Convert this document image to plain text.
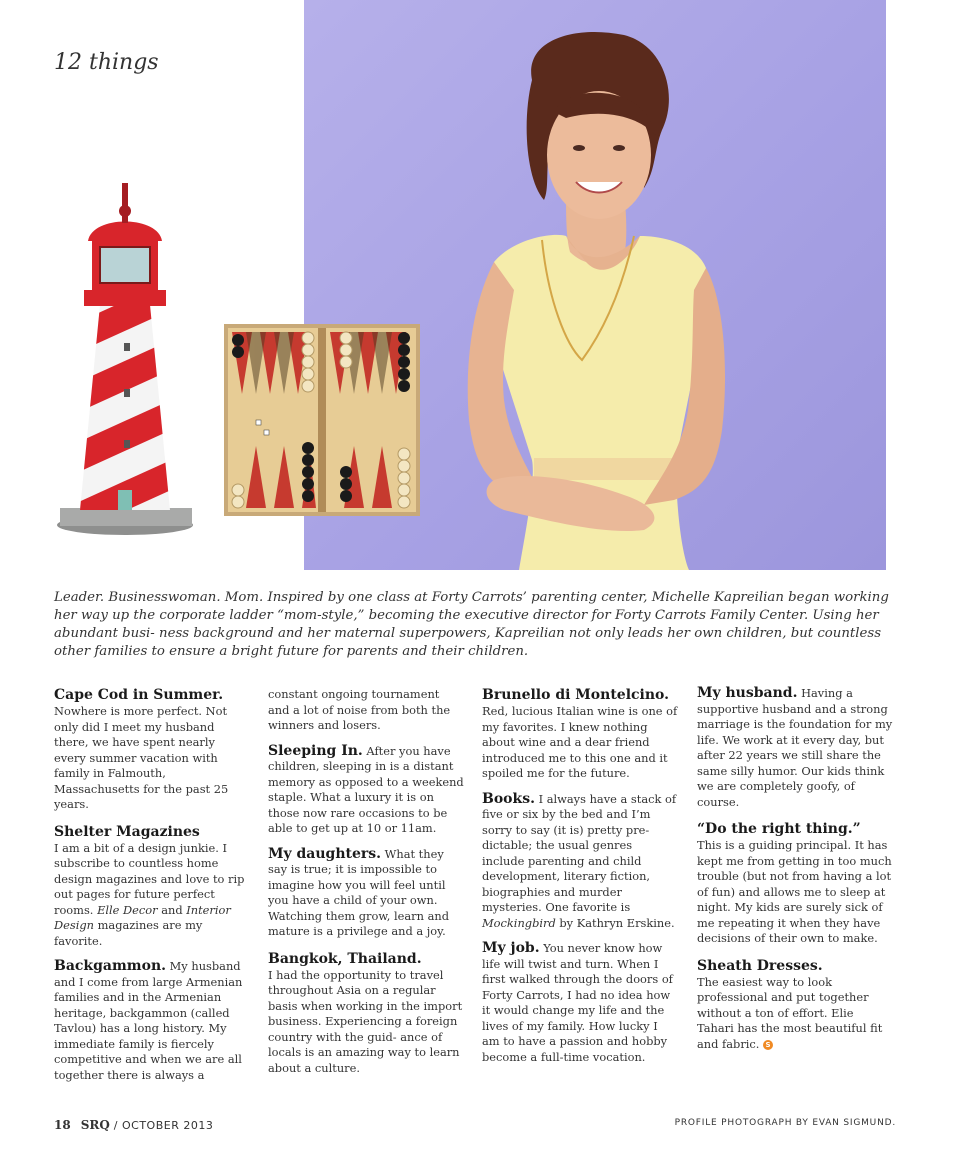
12 things
Leader. Businesswoman. Mom. Inspired by one class at Forty Carrots’ parenting center, Michelle Kapreilian began working her way up the corporate ladder “mom-style,” becoming the executive director for Forty Carrots Family Center. Using her abundant busi- ness background and her maternal superpowers, Kapreilian not only leads her own children, but countless other families to ensure a bright future for parents and their children.

Cape Cod in Summer.
Nowhere is more perfect. Not only did I meet my husband there, we have spent nearly every summer vacation with family in Falmouth, Massachusetts for the past 25 years.

Shelter Magazines
I am a bit of a design junkie. I subscribe to countless home design magazines and love to rip out pages for future perfect rooms. Elle Decor and Interior Design magazines are my favorite.

Backgammon. My husband and I come from large Armenian families and in the Armenian heritage, backgammon (called Tavlou) has a long history. My immediate family is fiercely competitive and when we are all together there is always a

constant ongoing tournament and a lot of noise from both the winners and losers.

Sleeping In. After you have children, sleeping in is a distant memory as opposed to a weekend staple. What a luxury it is on those now rare occasions to be able to get up at 10 or 11am.

My daughters. What they say is true; it is impossible to imagine how you will feel until you have a child of your own. Watching them grow, learn and mature is a privilege and a joy.

Bangkok, Thailand.
I had the opportunity to travel throughout Asia on a regular basis when working in the import business. Experiencing a foreign country with the guid- ance of locals is an amazing way to learn about a culture.

Brunello di Montelcino.
Red, lucious Italian wine is one of my favorites. I knew nothing about wine and a dear friend introduced me to this one and it spoiled me for the future.

Books. I always have a stack of five or six by the bed and I’m sorry to say (it is) pretty pre- dictable; the usual genres include parenting and child development, literary fiction, biographies and murder mysteries. One favorite is Mockingbird by Kathryn Erskine.

My job. You never know how life will twist and turn. When I first walked through the doors of Forty Carrots, I had no idea how it would change my life and the lives of my family. How lucky I am to have a passion and hobby become a full-time vocation.

My husband. Having a supportive husband and a strong marriage is the foundation for my life. We work at it every day, but after 22 years we still share the same silly humor. Our kids think we are completely goofy, of course.

“Do the right thing.”
This is a guiding principal. It has kept me from getting in too much trouble (but not from having a lot of fun) and allows me to sleep at night. My kids are surely sick of me repeating it when they have decisions of their own to make.

Sheath Dresses.
The easiest way to look professional and put together without a ton of effort. Elie Tahari has the most beautiful fit and fabric. S

18 SRQ / OCTOBER 2013	PROFILE PHOTOGRAPH BY EVAN SIGMUND.
